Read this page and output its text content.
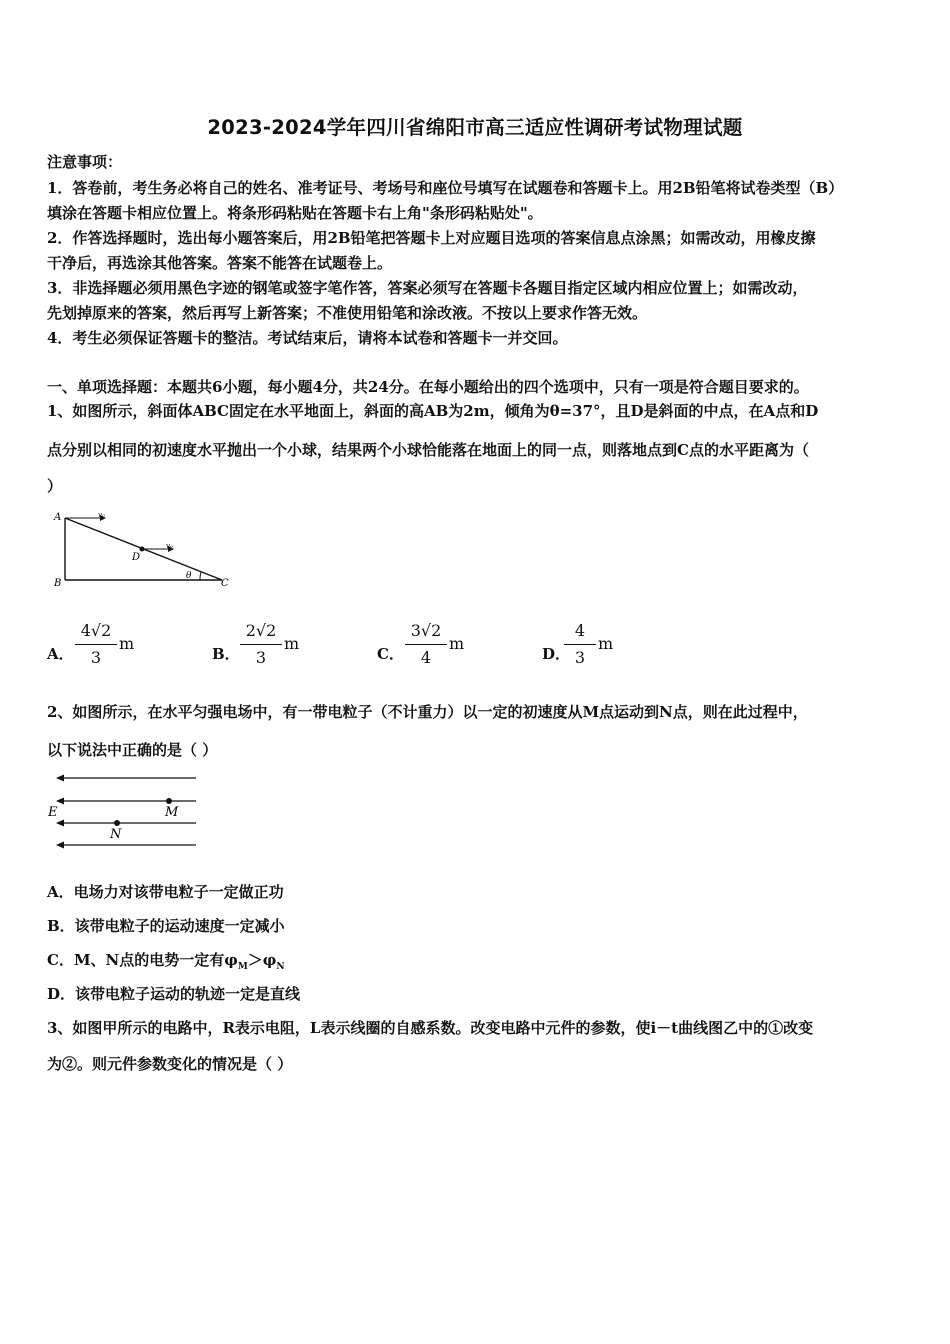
2023-2024学年四川省绵阳市高三适应性调研考试物理试题
注意事项：
1．答卷前，考生务必将自己的姓名、准考证号、考场号和座位号填写在试题卷和答题卡上。用2B铅笔将试卷类型（B）
填涂在答题卡相应位置上。将条形码粘贴在答题卡右上角"条形码粘贴处"。
2．作答选择题时，选出每小题答案后，用2B铅笔把答题卡上对应题目选项的答案信息点涂黑；如需改动，用橡皮擦
干净后，再选涂其他答案。答案不能答在试题卷上。
3．非选择题必须用黑色字迹的钢笔或签字笔作答，答案必须写在答题卡各题目指定区域内相应位置上；如需改动，
先划掉原来的答案，然后再写上新答案；不准使用铅笔和涂改液。不按以上要求作答无效。
4．考生必须保证答题卡的整洁。考试结束后，请将本试卷和答题卡一并交回。
一、单项选择题：本题共6小题，每小题4分，共24分。在每小题给出的四个选项中，只有一项是符合题目要求的。
1、如图所示，斜面体ABC固定在水平地面上，斜面的高AB为2m，倾角为θ=37°，且D是斜面的中点，在A点和D
点分别以相同的初速度水平抛出一个小球，结果两个小球恰能落在地面上的同一点，则落地点到C点的水平距离为（
）
A
B	C
D
θ
v₀
v₀
A．
4√2
3
m
B．
2√2
3
m
C．
3√2
4
m
D．
4
3
m
2、如图所示，在水平匀强电场中，有一带电粒子（不计重力）以一定的初速度从M点运动到N点，则在此过程中，
以下说法中正确的是（ ）
E	M
N
A．电场力对该带电粒子一定做正功
B．该带电粒子的运动速度一定减小
C．M、N点的电势一定有$\varphi_M>\varphi_N$
D．该带电粒子运动的轨迹一定是直线
3、如图甲所示的电路中，R表示电阻，L表示线圈的自感系数。改变电路中元件的参数，使i－t曲线图乙中的①改变
为②。则元件参数变化的情况是（ ）
